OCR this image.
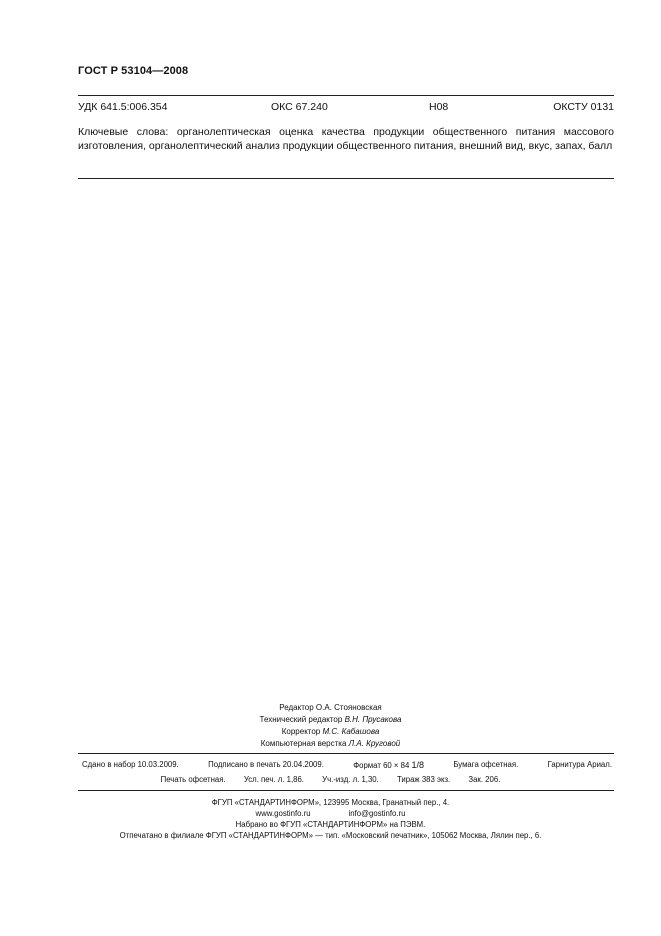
ГОСТ Р 53104—2008
УДК 641.5:006.354	ОКС 67.240	Н08	ОКСТУ 0131

Ключевые слова: органолептическая оценка качества продукции общественного питания массового изготовления, органолептический анализ продукции общественного питания, внешний вид, вкус, запах, балл

Редактор О.А. Стояновская
Технический редактор В.Н. Прусакова
Корректор М.С. Кабашова
Компьютерная верстка Л.А. Круговой
Сдано в набор 10.03.2009.	Подписано в печать 20.04.2009.	Формат 60 × 84 1/8	Бумага офсетная.	Гарнитура Ариал.
Печать офсетная. Усл. печ. л. 1,86. Уч.-изд. л. 1,30. Тираж 383 экз. Зак. 206.
ФГУП «СТАНДАРТИНФОРМ», 123995 Москва, Гранатный пер., 4.
www.gostinfo.ru	info@gostinfo.ru
Набрано во ФГУП «СТАНДАРТИНФОРМ» на ПЭВМ.
Отпечатано в филиале ФГУП «СТАНДАРТИНФОРМ» — тип. «Московский печатник», 105062 Москва, Лялин пер., 6.
